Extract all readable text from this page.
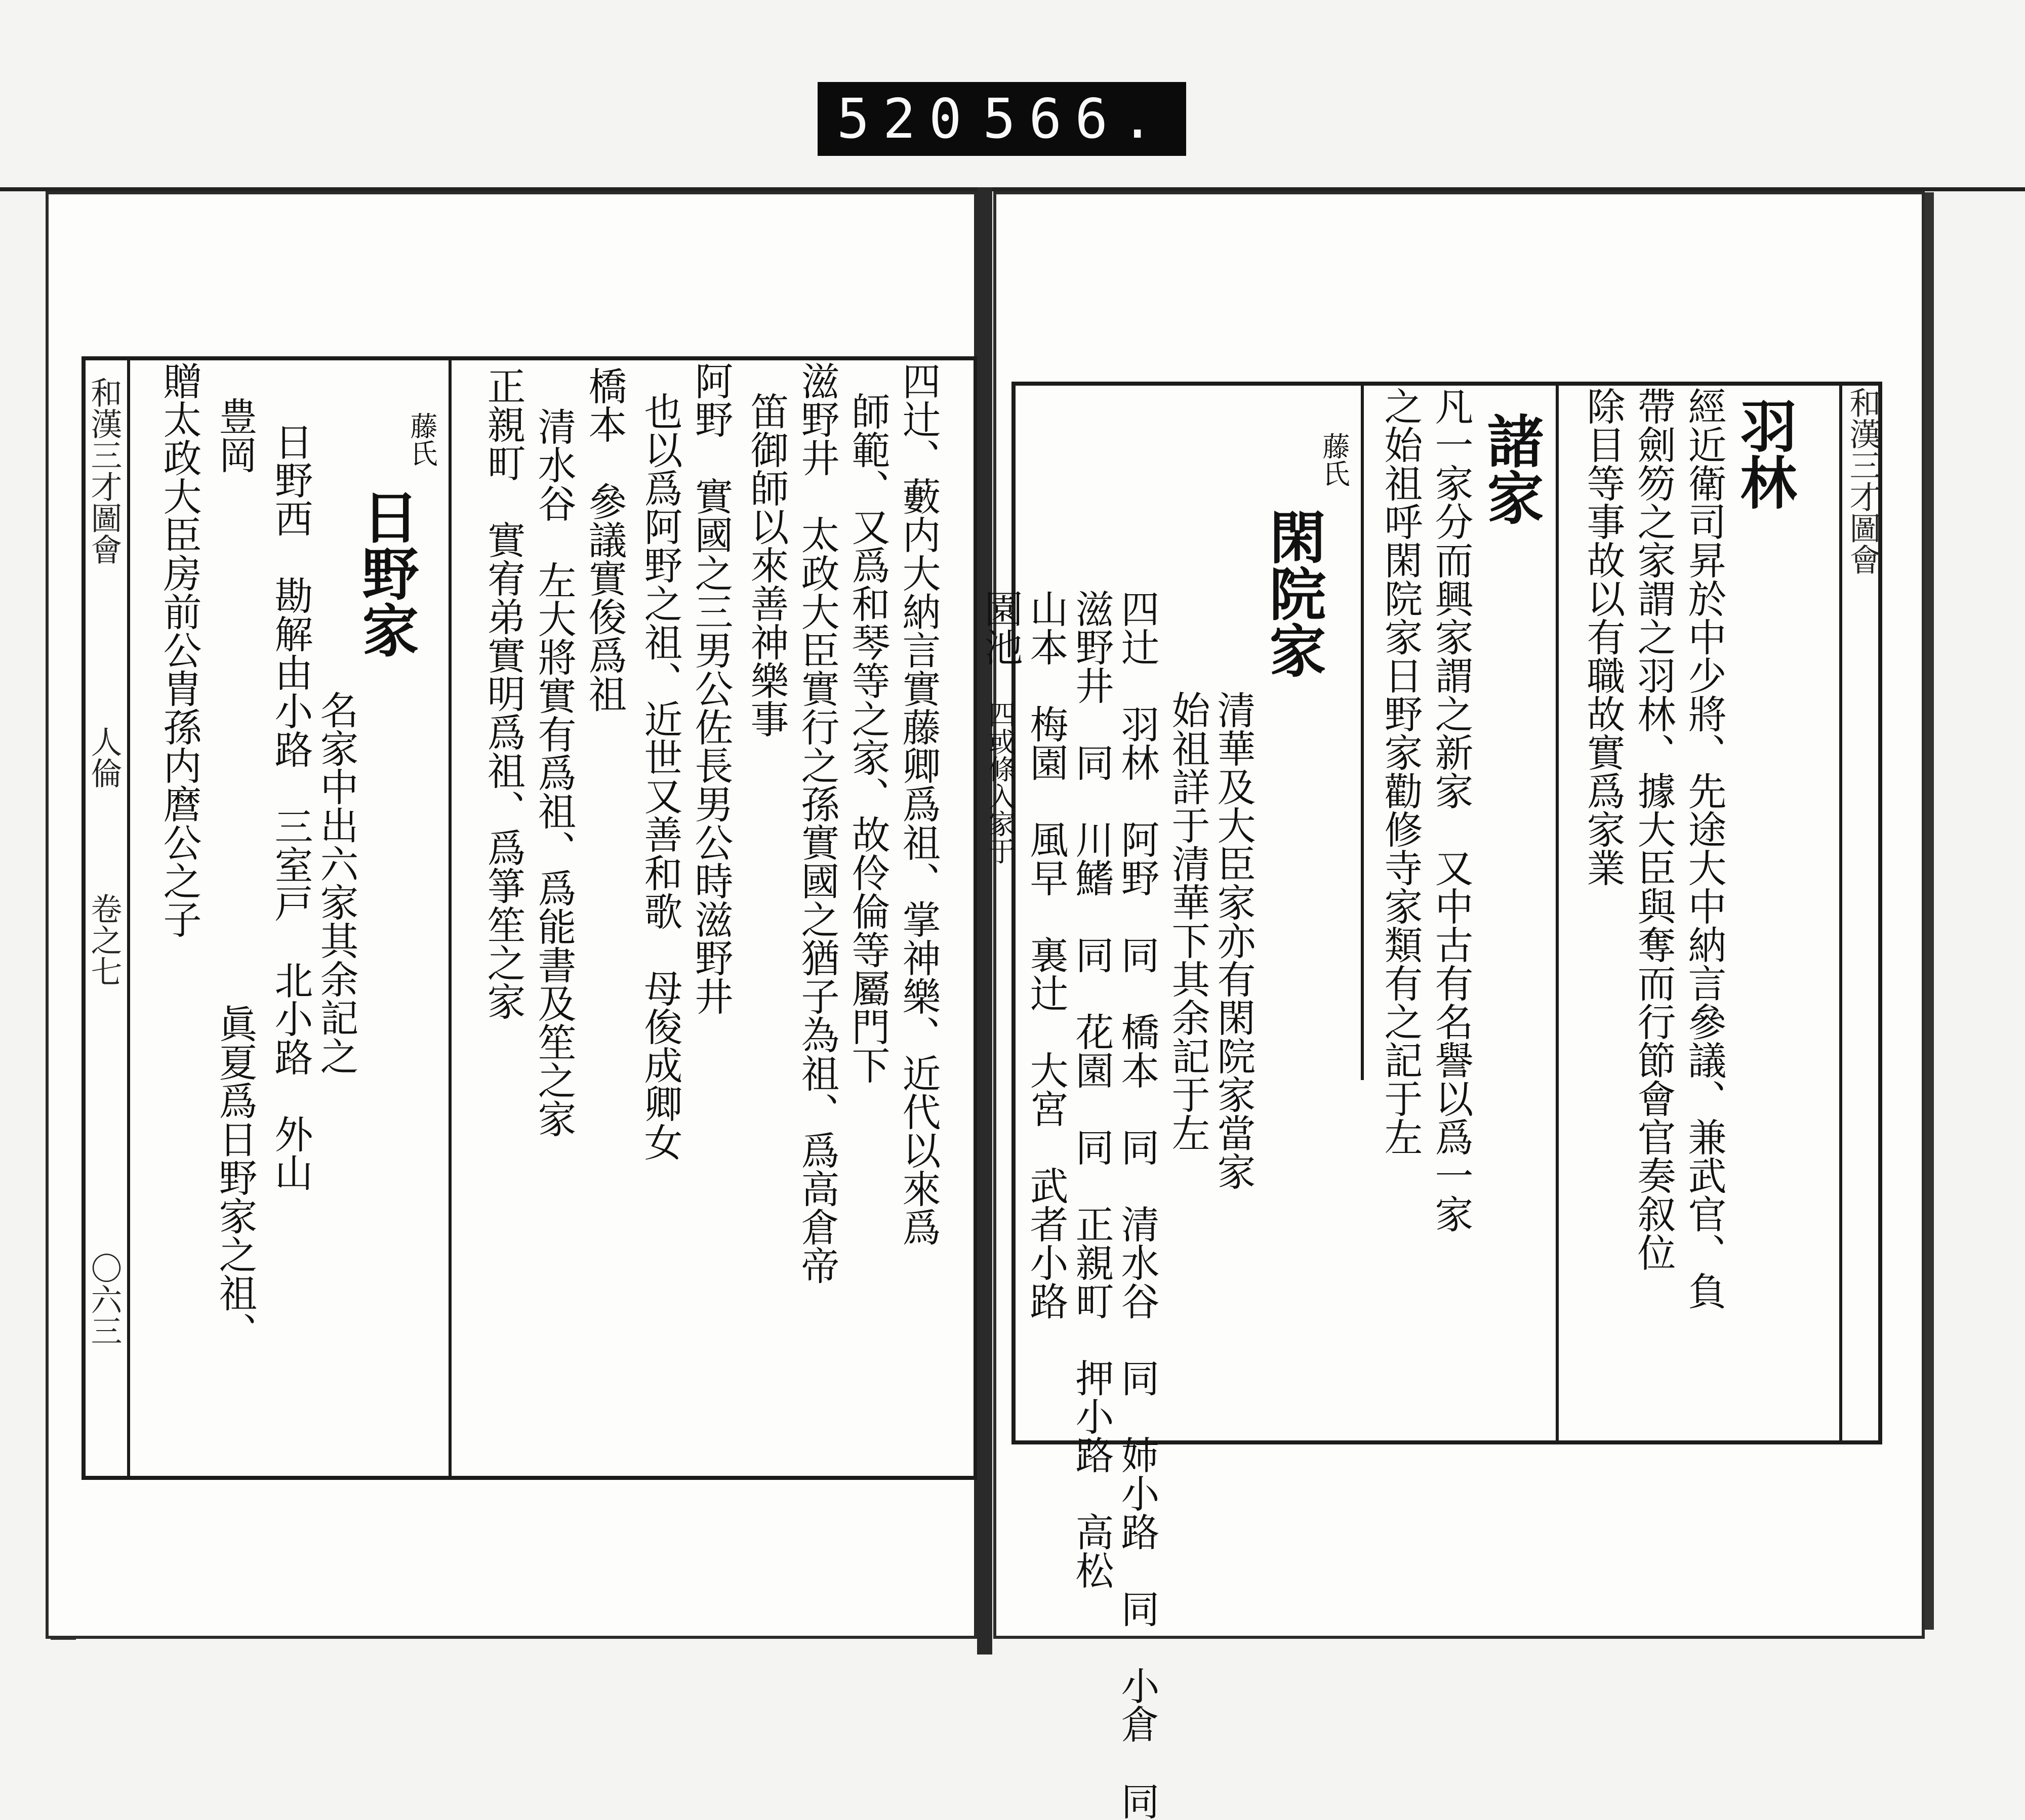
520 566.
和漢三才圖會
人倫
卷之七
〇六三
四辻、藪内大納言實藤卿爲祖、掌神樂、近代以來爲
師範、又爲和琴等之家、故伶倫等屬門下
滋野井　太政大臣實行之孫實國之猶子為祖、爲高倉帝
笛御師以來善神樂事
阿野　實國之三男公佐長男公時滋野井
也以爲阿野之祖、近世又善和歌　母俊成卿女
橋本　參議實俊爲祖
清水谷　左大將實有爲祖、爲能書及笙之家
正親町　實宥弟實明爲祖、爲箏笙之家
藤氏
日野家
名家中出六家其余記之
日野西　勘解由小路　三室戸　北小路　外山
豊岡
贈太政大臣房前公胄孫内麿公之子
眞夏爲日野家之祖、
和漢三才圖會
羽林
經近衛司昇於中少將、先途大中納言參議、兼武官、負
帶劍笏之家謂之羽林、據大臣與奪而行節會官奏叙位
除目等事故以有職故實爲家業
諸家
凡一家分而興家謂之新家　又中古有名譽以爲一家
之始祖呼閑院家日野家勸修寺家類有之記于左
藤氏
閑院家
清華及大臣家亦有閑院家當家
始祖詳于清華下其余記于左
四辻　羽林　阿野　同　橋本　同　清水谷　同　姉小路　同　小倉　同
滋野井　同　川鰭　同　花園　同　正親町　押小路　高松
山本　梅園　風早　裏辻　大宮　武者小路
園池
四或條入家于
